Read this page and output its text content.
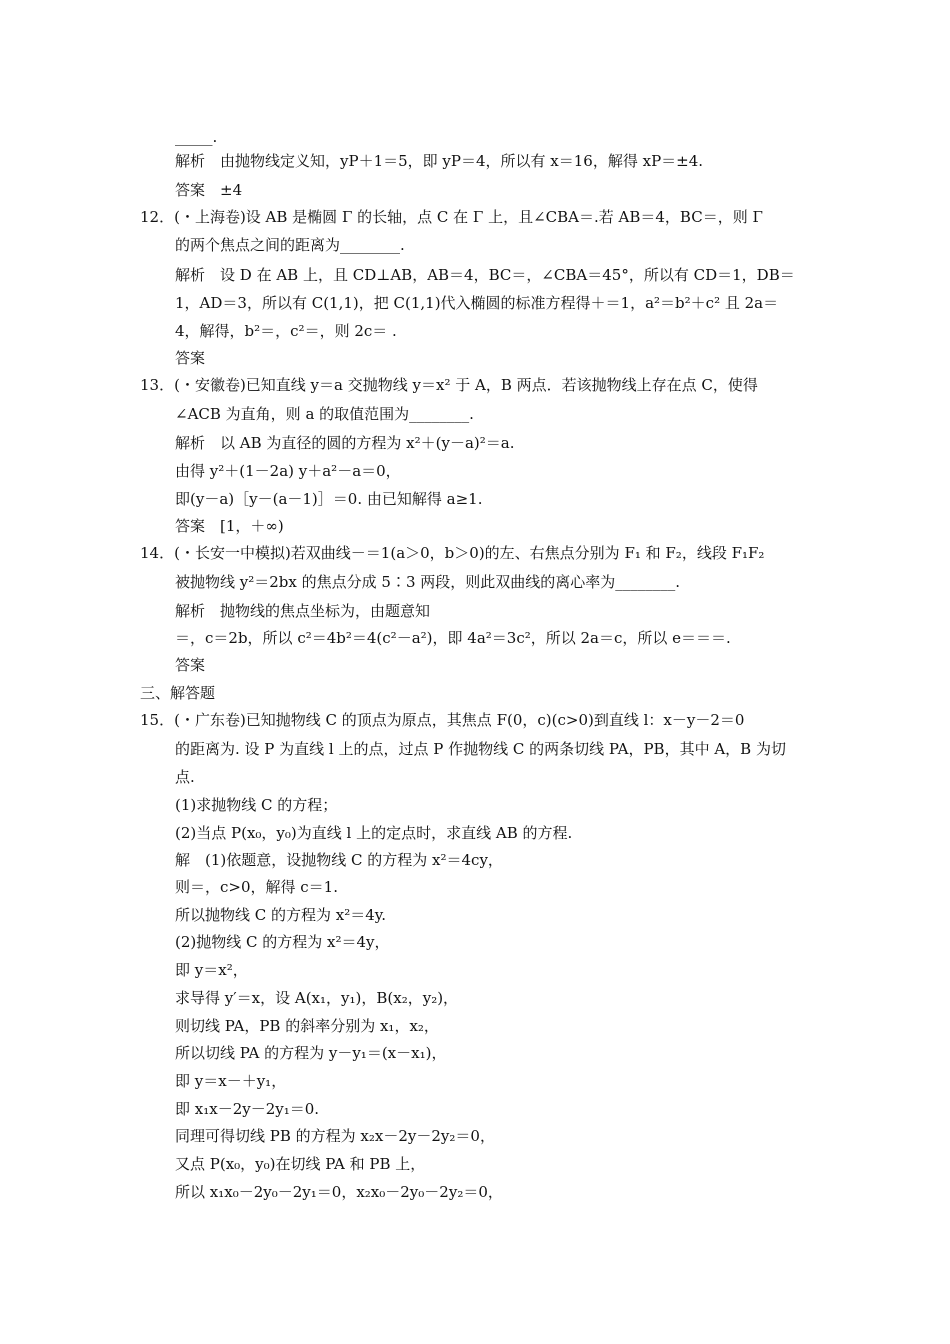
_____.
解析　由抛物线定义知，yP＋1＝5，即 yP＝4，所以有 x＝16，解得 xP＝±4.
答案　±4
12．(・上海卷)设 AB 是椭圆 Γ 的长轴，点 C 在 Γ 上，且∠CBA＝.若 AB＝4，BC＝，则 Γ
的两个焦点之间的距离为________.
解析　设 D 在 AB 上，且 CD⊥AB，AB＝4，BC＝，∠CBA＝45°，所以有 CD＝1，DB＝
1，AD＝3，所以有 C(1,1)，把 C(1,1)代入椭圆的标准方程得＋＝1，a²＝b²＋c² 且 2a＝
4，解得，b²＝，c²＝，则 2c＝ .
答案
13．(・安徽卷)已知直线 y＝a 交抛物线 y＝x² 于 A，B 两点．若该抛物线上存在点 C，使得
∠ACB 为直角，则 a 的取值范围为________.
解析　以 AB 为直径的圆的方程为 x²＋(y－a)²＝a.
由得 y²＋(1－2a) y＋a²－a＝0，
即(y－a)［y－(a－1)］＝0. 由已知解得 a≥1.
答案　[1，＋∞)
14．(・长安一中模拟)若双曲线－＝1(a＞0，b＞0)的左、右焦点分别为 F₁ 和 F₂，线段 F₁F₂
被抛物线 y²＝2bx 的焦点分成 5∶3 两段，则此双曲线的离心率为________.
解析　抛物线的焦点坐标为，由题意知
＝，c＝2b，所以 c²＝4b²＝4(c²－a²)，即 4a²＝3c²，所以 2a＝c，所以 e＝＝＝.
答案
三、解答题
15．(・广东卷)已知抛物线 C 的顶点为原点，其焦点 F(0，c)(c>0)到直线 l：x－y－2＝0
的距离为. 设 P 为直线 l 上的点，过点 P 作抛物线 C 的两条切线 PA，PB，其中 A，B 为切
点.
(1)求抛物线 C 的方程；
(2)当点 P(x₀，y₀)为直线 l 上的定点时，求直线 AB 的方程.
解　(1)依题意，设抛物线 C 的方程为 x²＝4cy，
则＝，c>0，解得 c＝1.
所以抛物线 C 的方程为 x²＝4y.
(2)抛物线 C 的方程为 x²＝4y，
即 y＝x²，
求导得 y′＝x，设 A(x₁，y₁)，B(x₂，y₂)，
则切线 PA，PB 的斜率分别为 x₁，x₂，
所以切线 PA 的方程为 y－y₁＝(x－x₁)，
即 y＝x－＋y₁，
即 x₁x－2y－2y₁＝0.
同理可得切线 PB 的方程为 x₂x－2y－2y₂＝0，
又点 P(x₀，y₀)在切线 PA 和 PB 上，
所以 x₁x₀－2y₀－2y₁＝0，x₂x₀－2y₀－2y₂＝0，
